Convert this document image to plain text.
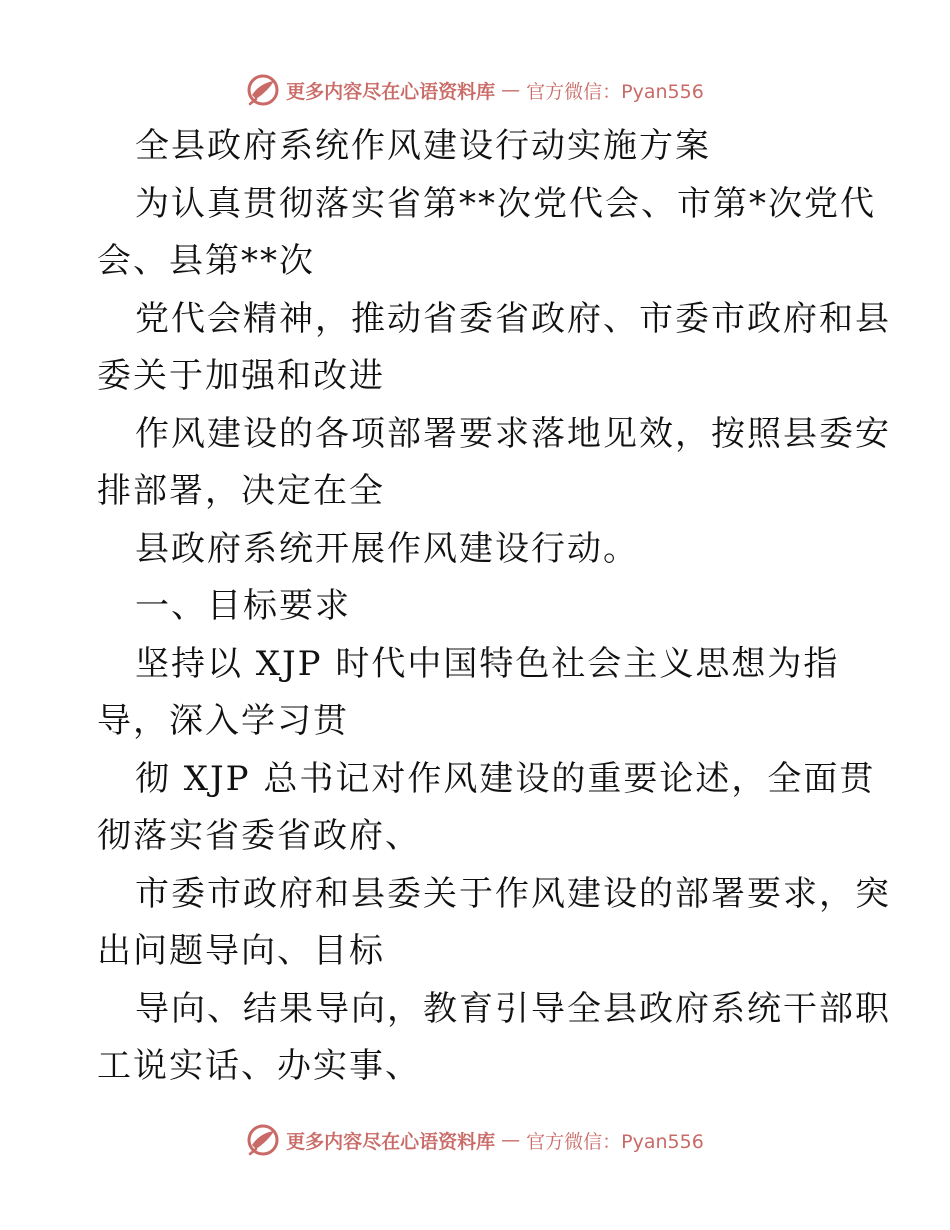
更多内容尽在心语资料库 — 官方微信：Pyan556
全县政府系统作风建设行动实施方案
为认真贯彻落实省第**次党代会、市第*次党代
会、县第**次
党代会精神，推动省委省政府、市委市政府和县
委关于加强和改进
作风建设的各项部署要求落地见效，按照县委安
排部署，决定在全
县政府系统开展作风建设行动。
一、目标要求
坚持以 XJP 时代中国特色社会主义思想为指
导，深入学习贯
彻 XJP 总书记对作风建设的重要论述，全面贯
彻落实省委省政府、
市委市政府和县委关于作风建设的部署要求，突
出问题导向、目标
导向、结果导向，教育引导全县政府系统干部职
工说实话、办实事、
更多内容尽在心语资料库 — 官方微信：Pyan556
